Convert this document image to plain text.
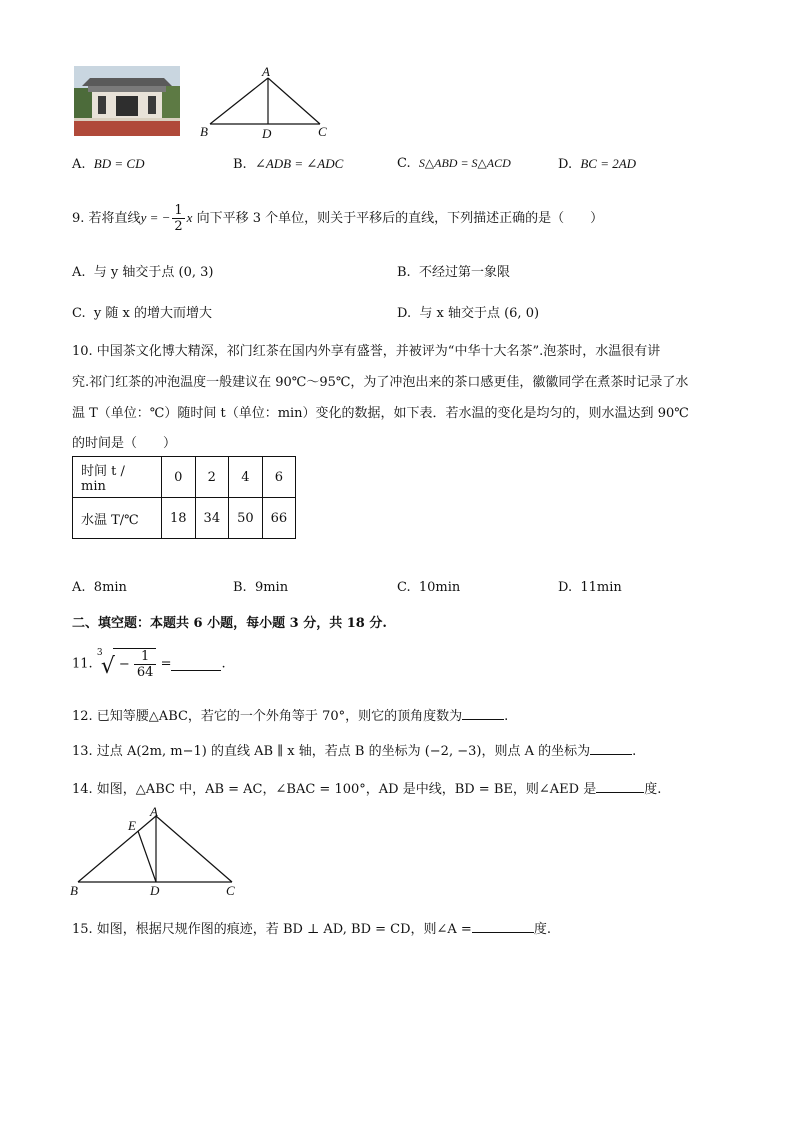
A
B	D	C
A. BD = CD	B. ∠ADB = ∠ADC	C. S△ABD = S△ACD	D. BC = 2AD
9. 若将直线y = − $\frac{1}{2}$ x 向下平移 3 个单位，则关于平移后的直线，下列描述正确的是（　　）
A. 与 y 轴交于点 (0, 3)	B. 不经过第一象限
C. y 随 x 的增大而增大	D. 与 x 轴交于点 (6, 0)
10. 中国茶文化博大精深，祁门红茶在国内外享有盛誉，并被评为“中华十大名茶”.泡茶时，水温很有讲
究.祁门红茶的冲泡温度一般建议在 90℃～95℃，为了冲泡出来的茶口感更佳，徽徽同学在煮茶时记录了水
温 T（单位：℃）随时间 t（单位：min）变化的数据，如下表．若水温的变化是均匀的，则水温达到 90℃
的时间是（　　）
时间 t / min	0	2	4	6
水温 T/℃	18	34	50	66
A. 8min	B. 9min	C. 10min	D. 11min
二、填空题：本题共 6 小题，每小题 3 分，共 18 分.
11.
3
√ − $\frac{1}{64}$ =	.
12. 已知等腰△ABC，若它的一个外角等于 70°，则它的顶角度数为	.
13. 过点 A(2m, m−1) 的直线 AB ∥ x 轴，若点 B 的坐标为 (−2, −3)，则点 A 的坐标为	.
14. 如图，△ABC 中，AB = AC，∠BAC = 100°，AD 是中线，BD = BE，则∠AED 是	度.
A
E
B	D	C
15. 如图，根据尺规作图的痕迹，若 BD ⊥ AD, BD = CD，则∠A =	度.
